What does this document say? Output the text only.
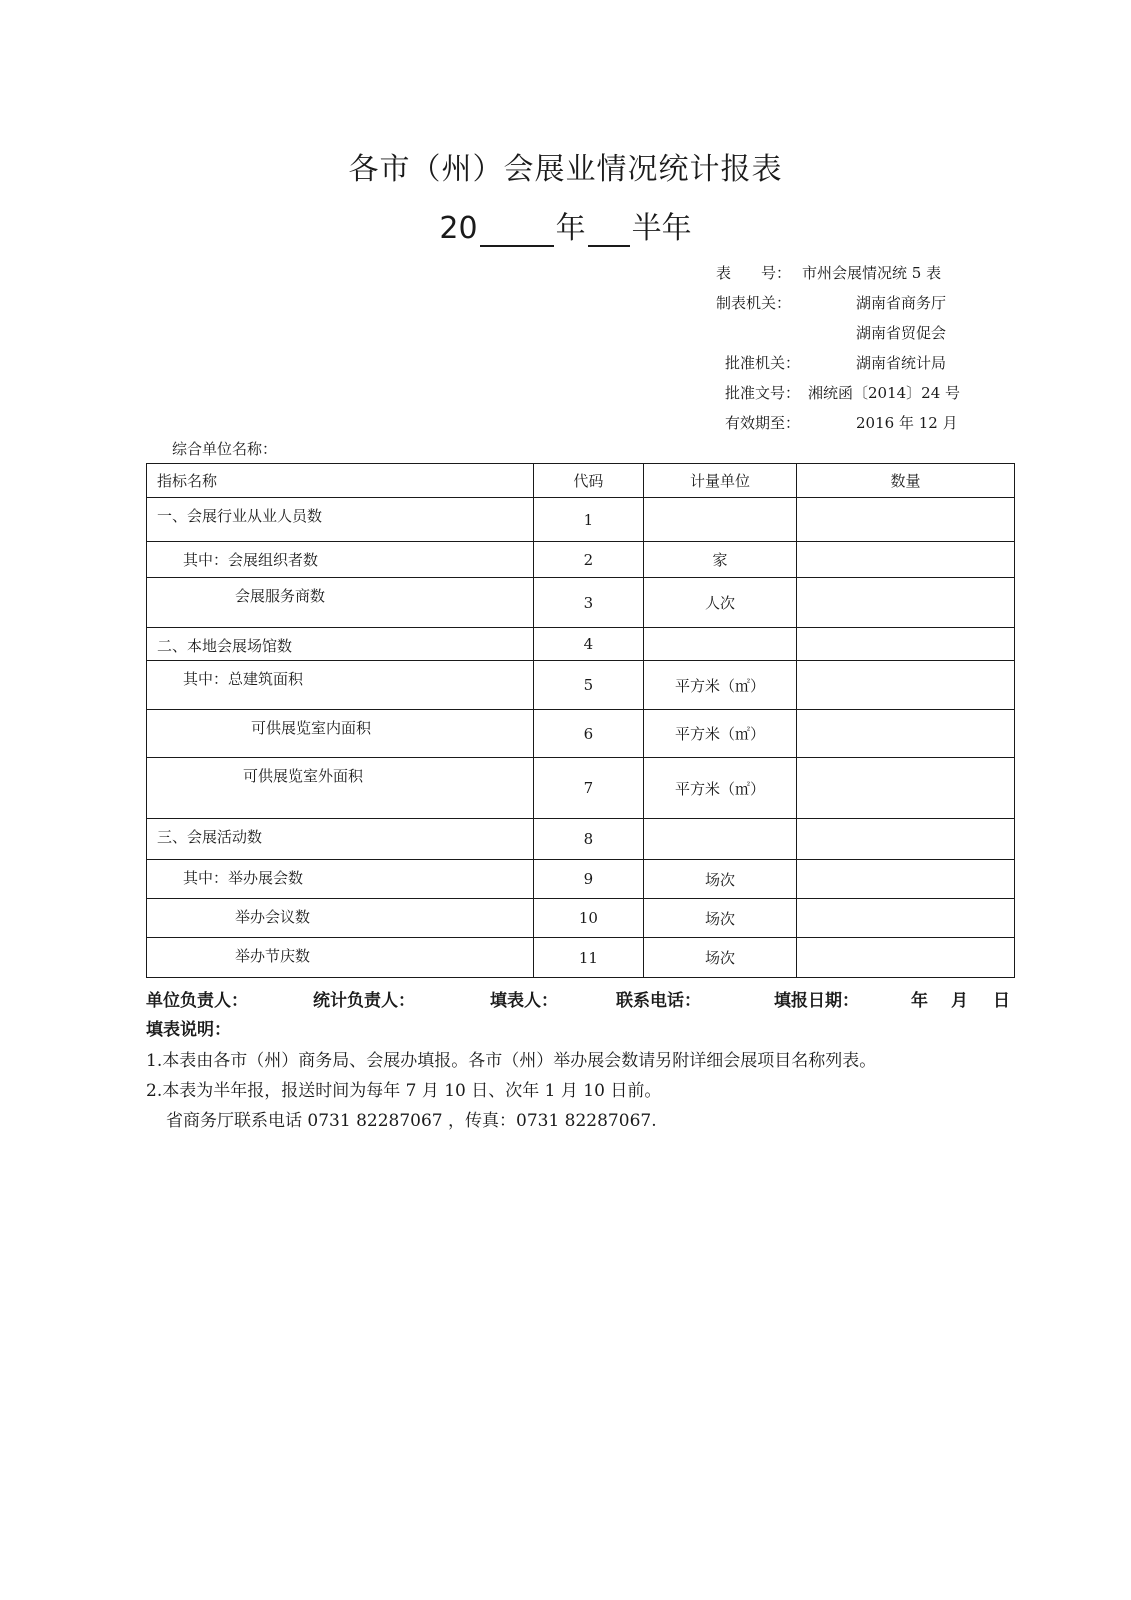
各市（州）会展业情况统计报表
20	年 半年
表　　号： 市州会展情况统 5 表
制表机关：	湖南省商务厅
湖南省贸促会
批准机关：	湖南省统计局
批准文号： 湘统函〔2014〕24 号
有效期至：	2016 年 12 月
综合单位名称：
指标名称	代码	计量单位	数量

一、会展行业从业人员数	1		

其中：会展组织者数	2	家	

会展服务商数	3	人次	

二、本地会展场馆数	4		

其中：总建筑面积	5	平方米（㎡）	

可供展览室内面积	6	平方米（㎡）	

可供展览室外面积	7	平方米（㎡）	

三、会展活动数	8		

其中：举办展会数	9	场次	

举办会议数	10	场次	

举办节庆数	11	场次	
单位负责人：	统计负责人：	填表人：	联系电话：	填报日期：	年 月 日
填表说明：
1.本表由各市（州）商务局、会展办填报。各市（州）举办展会数请另附详细会展项目名称列表。
2.本表为半年报，报送时间为每年 7 月 10 日、次年 1 月 10 日前。
省商务厅联系电话 0731 82287067 ，传真：0731 82287067.
